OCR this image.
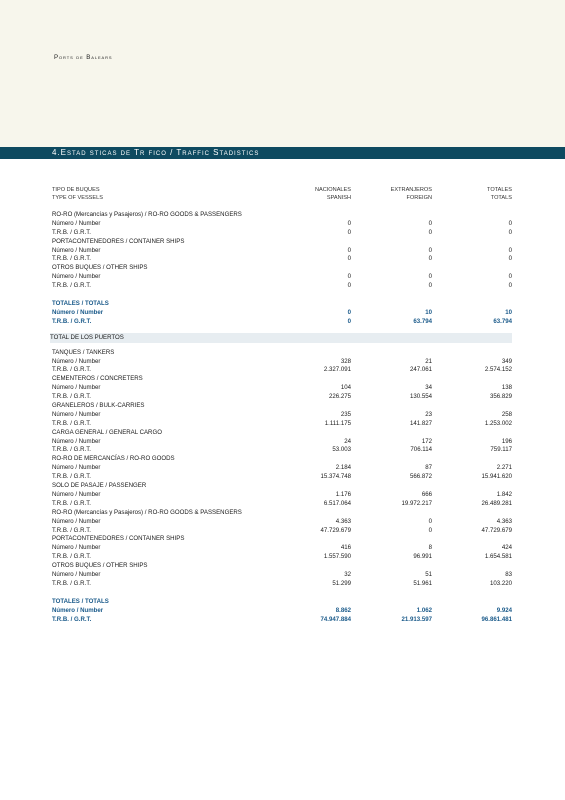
Ports de Balears
4.Estad sticas de Tr fico / Traffic Stadistics
TIPO DE BUQUES	NACIONALES	EXTRANJEROS	TOTALES
TYPE OF VESSELS	SPANISH	FOREIGN	TOTALS
RO-RO (Mercancías y Pasajeros) / RO-RO GOODS & PASSENGERS
Número / Number	0	0	0
T.R.B. / G.R.T.	0	0	0
PORTACONTENEDORES / CONTAINER SHIPS
Número / Number	0	0	0
T.R.B. / G.R.T.	0	0	0
OTROS BUQUES / OTHER SHIPS
Número / Number	0	0	0
T.R.B. / G.R.T.	0	0	0
TOTALES / TOTALS
Número / Number	0	10	10
T.R.B. / G.R.T.	0	63.794	63.794
TOTAL DE LOS PUERTOS
TANQUES / TANKERS
Número / Number	328	21	349
T.R.B. / G.R.T.	2.327.091	247.061	2.574.152
CEMENTEROS / CONCRETERS
Número / Number	104	34	138
T.R.B. / G.R.T.	226.275	130.554	356.829
GRANELEROS / BULK-CARRIES
Número / Number	235	23	258
T.R.B. / G.R.T.	1.111.175	141.827	1.253.002
CARGA GENERAL / GENERAL CARGO
Número / Number	24	172	196
T.R.B. / G.R.T.	53.003	706.114	759.117
RO-RO DE MERCANCÍAS / RO-RO GOODS
Número / Number	2.184	87	2.271
T.R.B. / G.R.T.	15.374.748	566.872	15.941.620
SOLO DE PASAJE / PASSENGER
Número / Number	1.176	666	1.842
T.R.B. / G.R.T.	6.517.064	19.972.217	26.489.281
RO-RO (Mercancías y Pasajeros) / RO-RO GOODS & PASSENGERS
Número / Number	4.363	0	4.363
T.R.B. / G.R.T.	47.729.679	0	47.729.679
PORTACONTENEDORES / CONTAINER SHIPS
Número / Number	416	8	424
T.R.B. / G.R.T.	1.557.590	96.991	1.654.581
OTROS BUQUES / OTHER SHIPS
Número / Number	32	51	83
T.R.B. / G.R.T.	51.299	51.961	103.220
TOTALES / TOTALS
Número / Number	8.862	1.062	9.924
T.R.B. / G.R.T.	74.947.884	21.913.597	96.861.481
